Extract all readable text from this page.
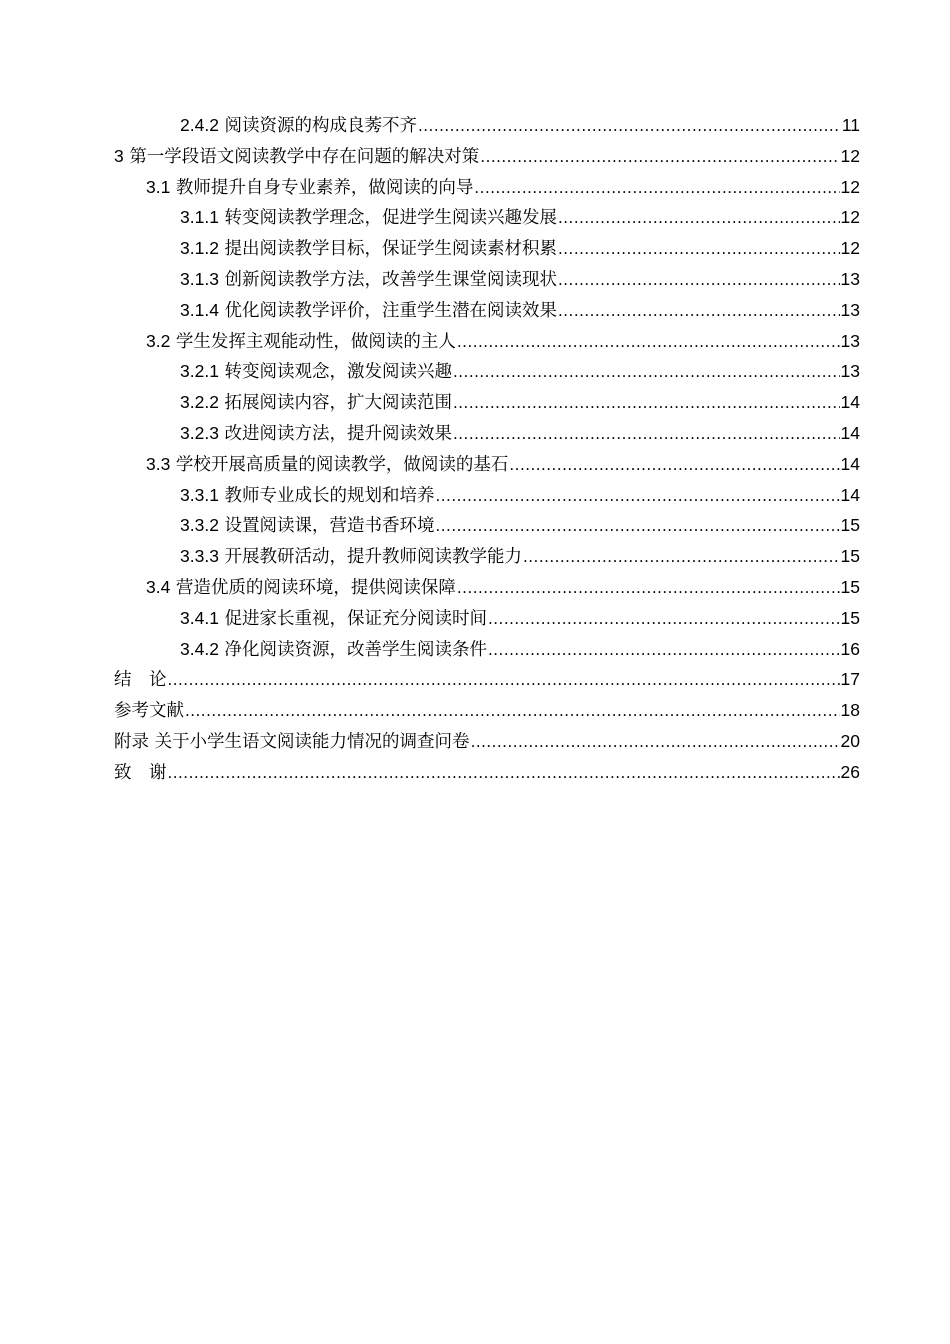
2.4.2 阅读资源的构成良莠不齐 .....	11
3 第一学段语文阅读教学中存在问题的解决对策 .....	12
3.1 教师提升自身专业素养，做阅读的向导 .....	12
3.1.1 转变阅读教学理念，促进学生阅读兴趣发展 .....	12
3.1.2 提出阅读教学目标，保证学生阅读素材积累 .....	12
3.1.3 创新阅读教学方法，改善学生课堂阅读现状 .....	13
3.1.4 优化阅读教学评价，注重学生潜在阅读效果 .....	13
3.2 学生发挥主观能动性，做阅读的主人 .....	13
3.2.1 转变阅读观念，激发阅读兴趣 .....	13
3.2.2 拓展阅读内容，扩大阅读范围 .....	14
3.2.3 改进阅读方法，提升阅读效果 .....	14
3.3 学校开展高质量的阅读教学，做阅读的基石 .....	14
3.3.1 教师专业成长的规划和培养 .....	14
3.3.2 设置阅读课，营造书香环境 .....	15
3.3.3 开展教研活动，提升教师阅读教学能力 .....	15
3.4 营造优质的阅读环境，提供阅读保障 .....	15
3.4.1 促进家长重视，保证充分阅读时间 .....	15
3.4.2 净化阅读资源，改善学生阅读条件 .....	16
结　论 .....	17
参考文献 .....	18
附录 关于小学生语文阅读能力情况的调查问卷 .....	20
致　谢 .....	26
